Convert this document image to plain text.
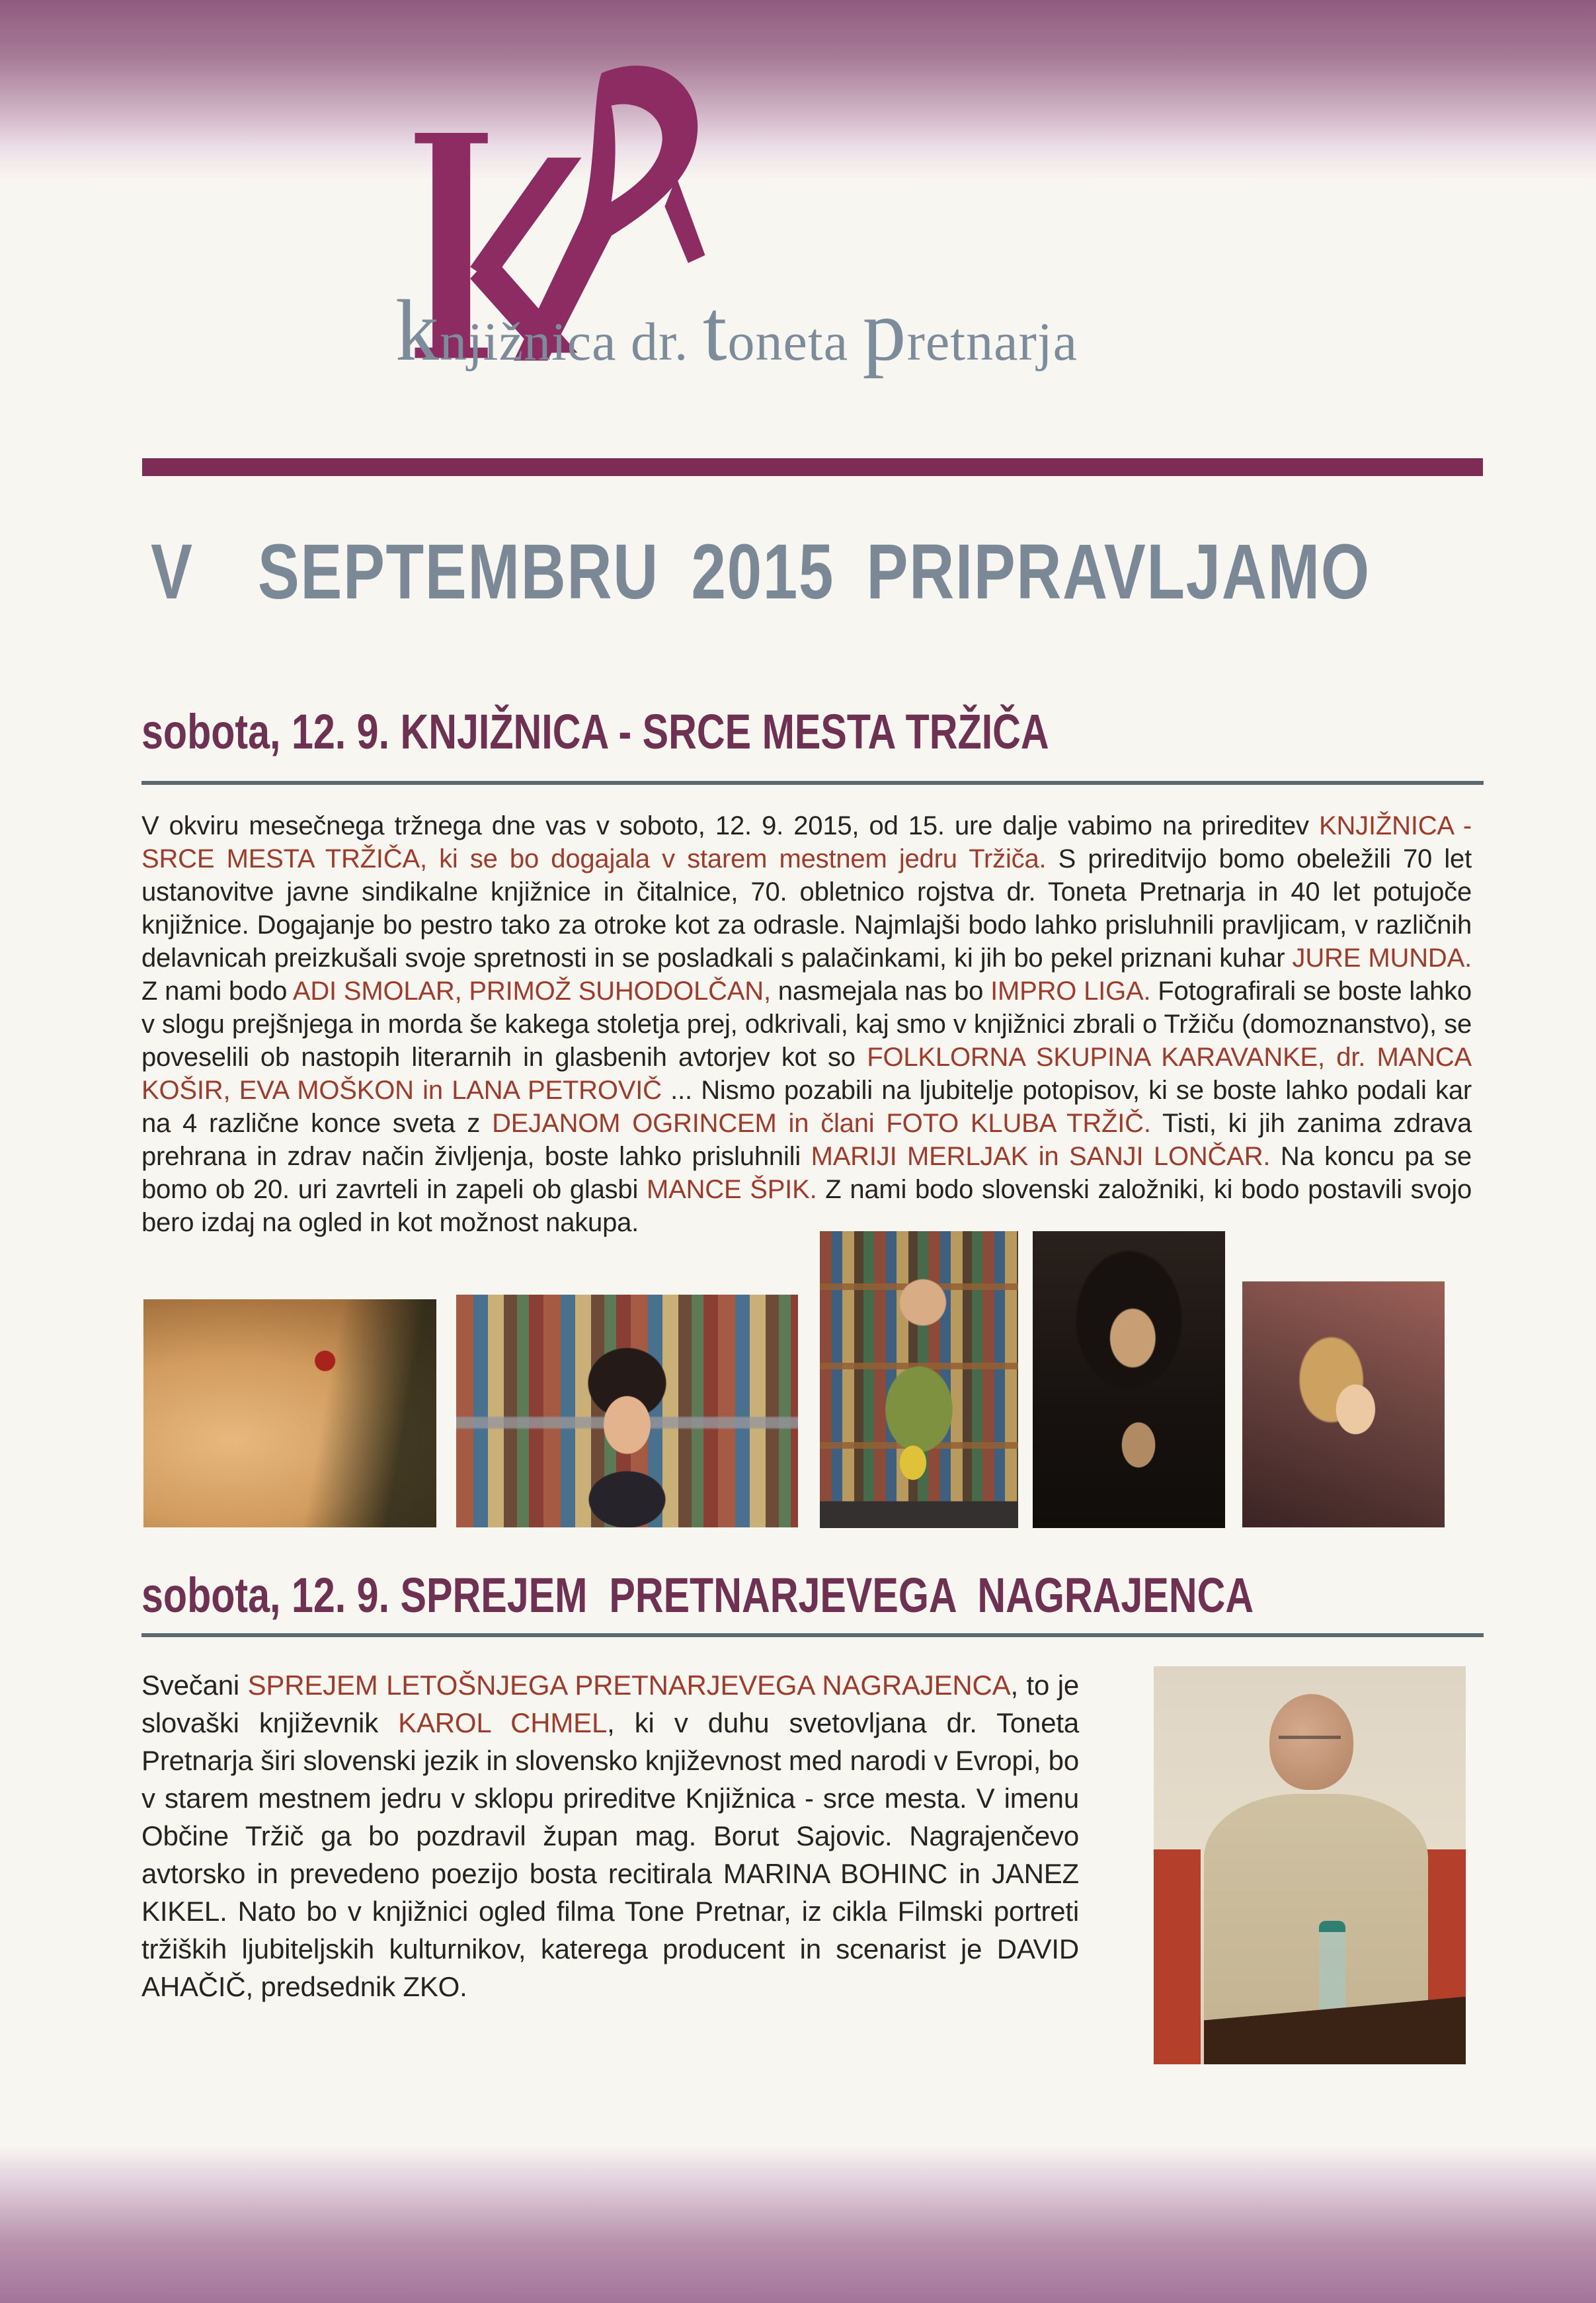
knjižnica dr. toneta pretnarja
V  SEPTEMBRU 2015 PRIPRAVLJAMO
sobota, 12. 9. KNJIŽNICA - SRCE MESTA TRŽIČA

V okviru mesečnega tržnega dne vas v soboto, 12. 9. 2015, od 15. ure dalje vabimo na prireditev KNJIŽNICA - SRCE MESTA TRŽIČA, ki se bo dogajala v starem mestnem jedru Tržiča. S prireditvijo bomo obeležili 70 let ustanovitve javne sindikalne knjižnice in čitalnice, 70. obletnico rojstva dr. Toneta Pretnarja in 40 let potujoče knjižnice. Dogajanje bo pestro tako za otroke kot za odrasle. Najmlajši bodo lahko prisluhnili pravljicam, v različnih delavnicah preizkušali svoje spretnosti in se posladkali s palačinkami, ki jih bo pekel priznani kuhar JURE MUNDA. Z nami bodo ADI SMOLAR, PRIMOŽ SUHODOLČAN, nasmejala nas bo IMPRO LIGA. Fotografirali se boste lahko v slogu prejšnjega in morda še kakega stoletja prej, odkrivali, kaj smo v knjižnici zbrali o Tržiču (domoznanstvo), se poveselili ob nastopih literarnih in glasbenih avtorjev kot so FOLKLORNA SKUPINA KARAVANKE, dr. MANCA KOŠIR, EVA MOŠKON in LANA PETROVIČ ... Nismo pozabili na ljubitelje potopisov, ki se boste lahko podali kar na 4 različne konce sveta z DEJANOM OGRINCEM in člani FOTO KLUBA TRŽIČ. Tisti, ki jih zanima zdrava prehrana in zdrav način življenja, boste lahko prisluhnili MARIJI MERLJAK in SANJI LONČAR. Na koncu pa se bomo ob 20. uri zavrteli in zapeli ob glasbi MANCE ŠPIK. Z nami bodo slovenski založniki, ki bodo postavili svojo bero izdaj na ogled in kot možnost nakupa.

sobota, 12. 9. SPREJEM  PRETNARJEVEGA  NAGRAJENCA

Svečani SPREJEM LETOŠNJEGA PRETNARJEVEGA NAGRAJENCA, to je slovaški književnik KAROL CHMEL, ki v duhu svetovljana dr. Toneta Pretnarja širi slovenski jezik in slovensko književnost med narodi v Evropi, bo v starem mestnem jedru v sklopu prireditve Knjižnica - srce mesta. V imenu Občine Tržič ga bo pozdravil župan mag. Borut Sajovic. Nagrajenčevo avtorsko in prevedeno poezijo bosta recitirala MARINA BOHINC in JANEZ KIKEL. Nato bo v knjižnici ogled filma Tone Pretnar, iz cikla Filmski portreti tržiških ljubiteljskih kulturnikov, katerega producent in scenarist je DAVID AHAČIČ, predsednik ZKO.
